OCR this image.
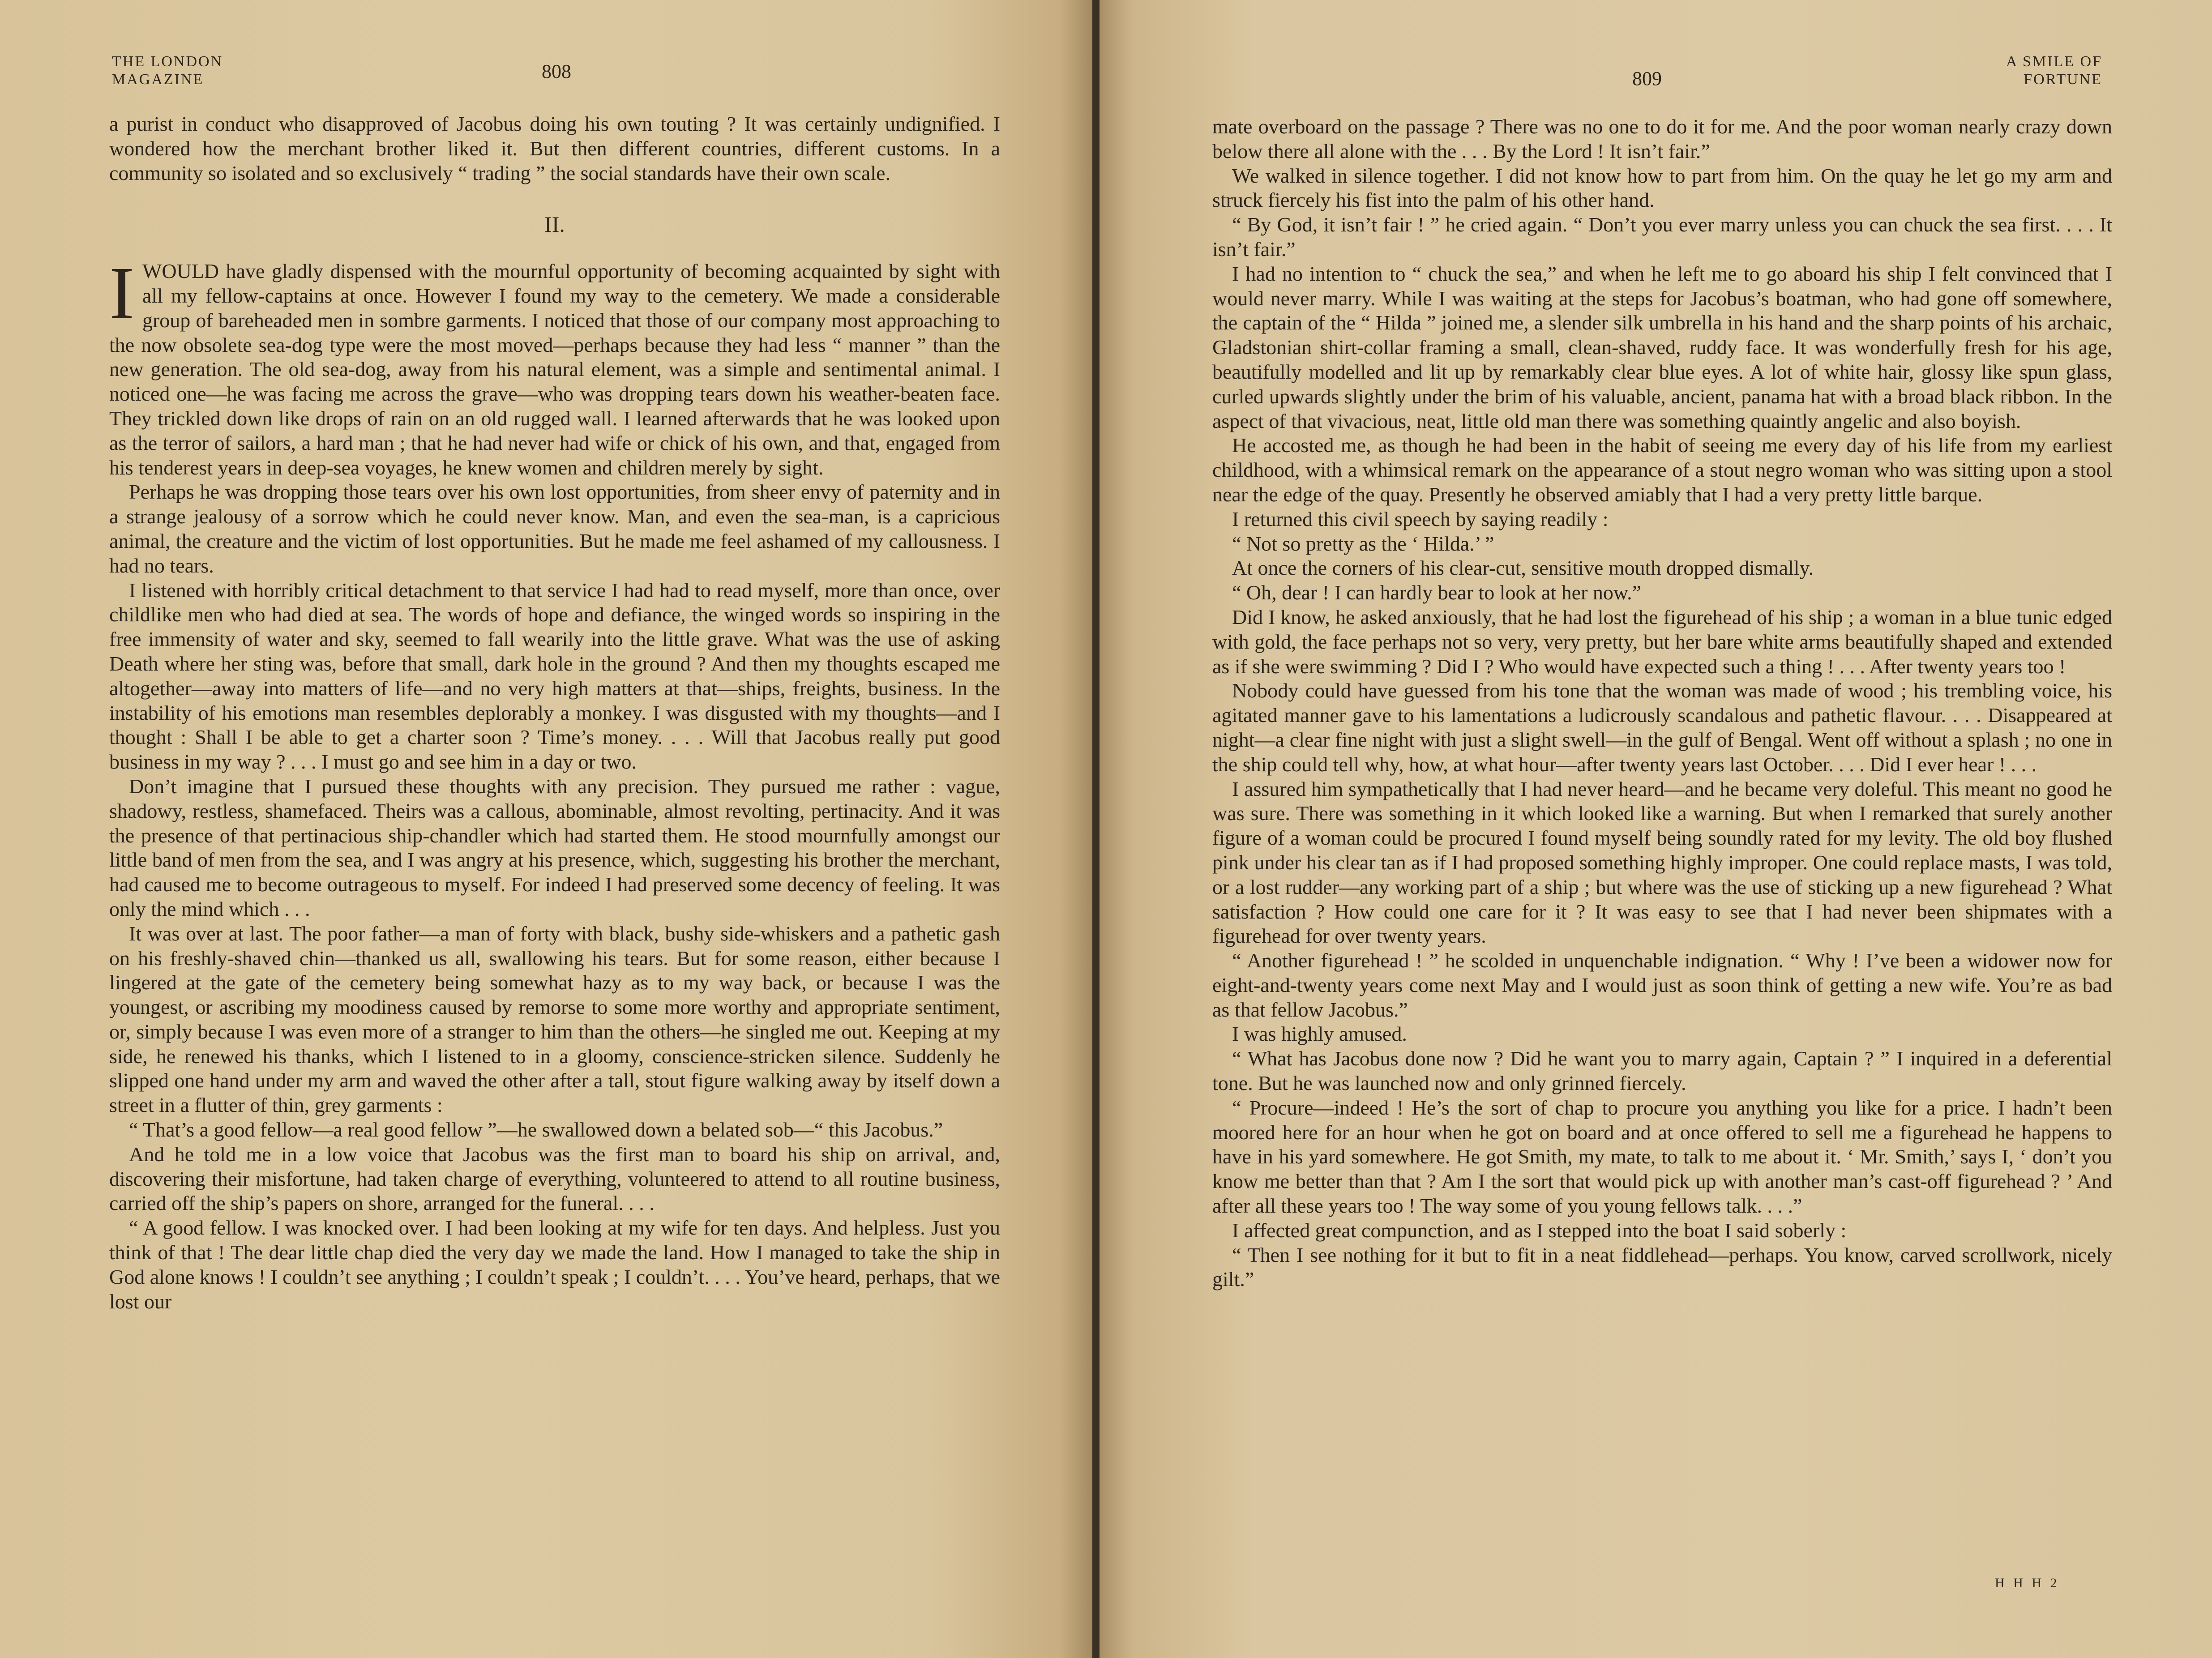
THE LONDON
MAGAZINE	808

a purist in conduct who disapproved of Jacobus doing his own touting ? It was certainly undignified. I wondered how the merchant brother liked it. But then different countries, different customs. In a community so isolated and so exclusively “ trading ” the social standards have their own scale.

II.

IWOULD have gladly dispensed with the mournful opportunity of becoming acquainted by sight with all my fellow-captains at once. However I found my way to the cemetery. We made a considerable group of bareheaded men in sombre garments. I noticed that those of our company most approaching to the now obsolete sea-dog type were the most moved—perhaps because they had less “ manner ” than the new generation. The old sea-dog, away from his natural element, was a simple and sentimental animal. I noticed one—he was facing me across the grave—who was dropping tears down his weather-beaten face. They trickled down like drops of rain on an old rugged wall. I learned afterwards that he was looked upon as the terror of sailors, a hard man ; that he had never had wife or chick of his own, and that, engaged from his tenderest years in deep-sea voyages, he knew women and children merely by sight.

Perhaps he was dropping those tears over his own lost opportunities, from sheer envy of paternity and in a strange jealousy of a sorrow which he could never know. Man, and even the sea-man, is a capricious animal, the creature and the victim of lost opportunities. But he made me feel ashamed of my callousness. I had no tears.

I listened with horribly critical detachment to that service I had had to read myself, more than once, over childlike men who had died at sea. The words of hope and defiance, the winged words so inspiring in the free immensity of water and sky, seemed to fall wearily into the little grave. What was the use of asking Death where her sting was, before that small, dark hole in the ground ? And then my thoughts escaped me altogether—away into matters of life—and no very high matters at that—ships, freights, business. In the instability of his emotions man resembles deplorably a monkey. I was disgusted with my thoughts—and I thought : Shall I be able to get a charter soon ? Time’s money. . . . Will that Jacobus really put good business in my way ? . . . I must go and see him in a day or two.

Don’t imagine that I pursued these thoughts with any precision. They pursued me rather : vague, shadowy, restless, shamefaced. Theirs was a callous, abominable, almost revolting, pertinacity. And it was the presence of that pertinacious ship-chandler which had started them. He stood mournfully amongst our little band of men from the sea, and I was angry at his presence, which, suggesting his brother the merchant, had caused me to become outrageous to myself. For indeed I had preserved some decency of feeling. It was only the mind which . . .

It was over at last. The poor father—a man of forty with black, bushy side-whiskers and a pathetic gash on his freshly-shaved chin—thanked us all, swallowing his tears. But for some reason, either because I lingered at the gate of the cemetery being somewhat hazy as to my way back, or because I was the youngest, or ascribing my moodiness caused by remorse to some more worthy and appropriate sentiment, or, simply because I was even more of a stranger to him than the others—he singled me out. Keeping at my side, he renewed his thanks, which I listened to in a gloomy, conscience-stricken silence. Suddenly he slipped one hand under my arm and waved the other after a tall, stout figure walking away by itself down a street in a flutter of thin, grey garments :

“ That’s a good fellow—a real good fellow ”—he swallowed down a belated sob—“ this Jacobus.”

And he told me in a low voice that Jacobus was the first man to board his ship on arrival, and, discovering their misfortune, had taken charge of everything, volunteered to attend to all routine business, carried off the ship’s papers on shore, arranged for the funeral. . . .

“ A good fellow. I was knocked over. I had been looking at my wife for ten days. And helpless. Just you think of that ! The dear little chap died the very day we made the land. How I managed to take the ship in God alone knows ! I couldn’t see anything ; I couldn’t speak ; I couldn’t. . . . You’ve heard, perhaps, that we lost our

809
A SMILE OF
FORTUNE

mate overboard on the passage ? There was no one to do it for me. And the poor woman nearly crazy down below there all alone with the . . . By the Lord ! It isn’t fair.”

We walked in silence together. I did not know how to part from him. On the quay he let go my arm and struck fiercely his fist into the palm of his other hand.

“ By God, it isn’t fair ! ” he cried again. “ Don’t you ever marry unless you can chuck the sea first. . . . It isn’t fair.”

I had no intention to “ chuck the sea,” and when he left me to go aboard his ship I felt convinced that I would never marry. While I was waiting at the steps for Jacobus’s boatman, who had gone off somewhere, the captain of the “ Hilda ” joined me, a slender silk umbrella in his hand and the sharp points of his archaic, Gladstonian shirt-collar framing a small, clean-shaved, ruddy face. It was wonderfully fresh for his age, beautifully modelled and lit up by remarkably clear blue eyes. A lot of white hair, glossy like spun glass, curled upwards slightly under the brim of his valuable, ancient, panama hat with a broad black ribbon. In the aspect of that vivacious, neat, little old man there was something quaintly angelic and also boyish.

He accosted me, as though he had been in the habit of seeing me every day of his life from my earliest childhood, with a whimsical remark on the appearance of a stout negro woman who was sitting upon a stool near the edge of the quay. Presently he observed amiably that I had a very pretty little barque.

I returned this civil speech by saying readily :

“ Not so pretty as the ‘ Hilda.’ ”

At once the corners of his clear-cut, sensitive mouth dropped dismally.

“ Oh, dear ! I can hardly bear to look at her now.”

Did I know, he asked anxiously, that he had lost the figurehead of his ship ; a woman in a blue tunic edged with gold, the face perhaps not so very, very pretty, but her bare white arms beautifully shaped and extended as if she were swimming ? Did I ? Who would have expected such a thing ! . . . After twenty years too !

Nobody could have guessed from his tone that the woman was made of wood ; his trembling voice, his agitated manner gave to his lamentations a ludicrously scandalous and pathetic flavour. . . . Disappeared at night—a clear fine night with just a slight swell—in the gulf of Bengal. Went off without a splash ; no one in the ship could tell why, how, at what hour—after twenty years last October. . . . Did I ever hear ! . . .

I assured him sympathetically that I had never heard—and he became very doleful. This meant no good he was sure. There was something in it which looked like a warning. But when I remarked that surely another figure of a woman could be procured I found myself being soundly rated for my levity. The old boy flushed pink under his clear tan as if I had proposed something highly improper. One could replace masts, I was told, or a lost rudder—any working part of a ship ; but where was the use of sticking up a new figurehead ? What satisfaction ? How could one care for it ? It was easy to see that I had never been shipmates with a figurehead for over twenty years.

“ Another figurehead ! ” he scolded in unquenchable indignation. “ Why ! I’ve been a widower now for eight-and-twenty years come next May and I would just as soon think of getting a new wife. You’re as bad as that fellow Jacobus.”

I was highly amused.

“ What has Jacobus done now ? Did he want you to marry again, Captain ? ” I inquired in a deferential tone. But he was launched now and only grinned fiercely.

“ Procure—indeed ! He’s the sort of chap to procure you anything you like for a price. I hadn’t been moored here for an hour when he got on board and at once offered to sell me a figurehead he happens to have in his yard somewhere. He got Smith, my mate, to talk to me about it. ‘ Mr. Smith,’ says I, ‘ don’t you know me better than that ? Am I the sort that would pick up with another man’s cast-off figurehead ? ’ And after all these years too ! The way some of you young fellows talk. . . .”

I affected great compunction, and as I stepped into the boat I said soberly :

“ Then I see nothing for it but to fit in a neat fiddlehead—perhaps. You know, carved scrollwork, nicely gilt.”

H H H 2
